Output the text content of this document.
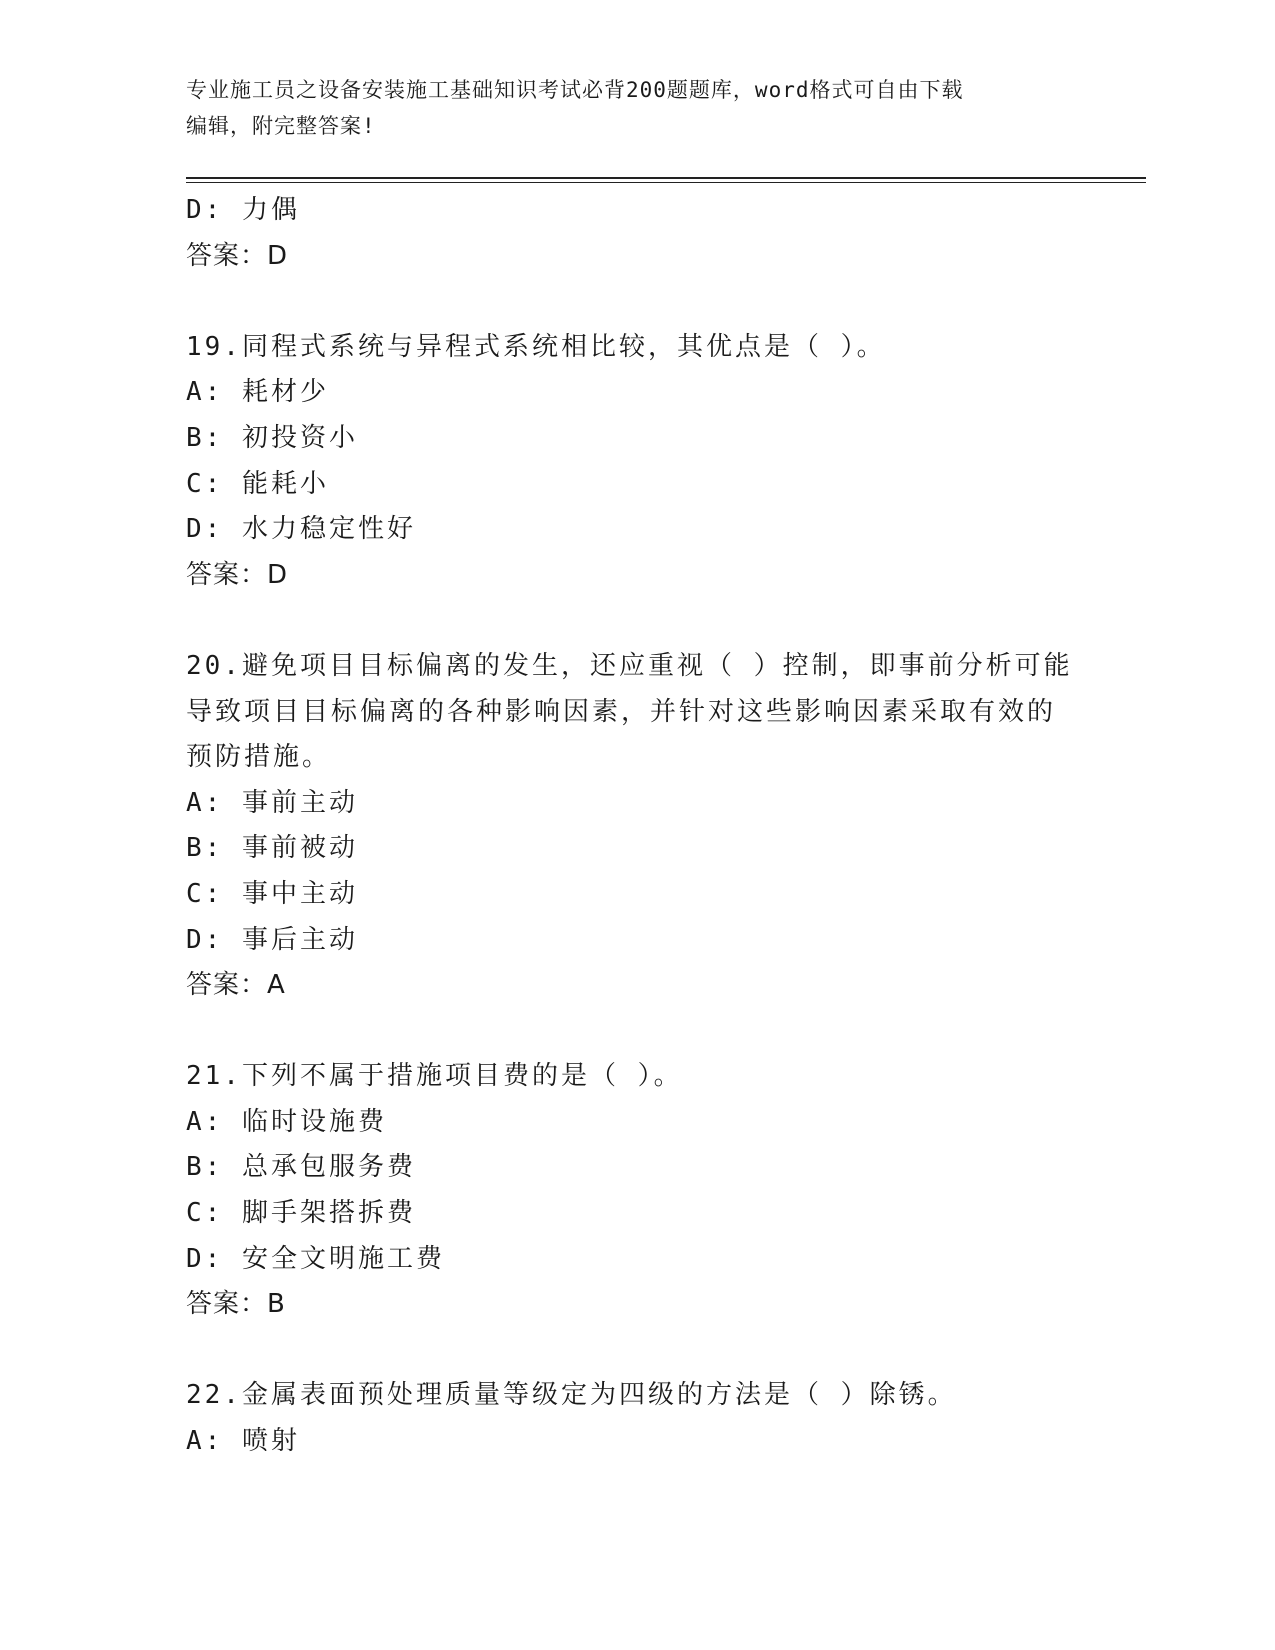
专业施工员之设备安装施工基础知识考试必背200题题库，word格式可自由下载
编辑，附完整答案!
D: 力偶
答案：D
19.同程式系统与异程式系统相比较，其优点是（ ）。
A: 耗材少
B: 初投资小
C: 能耗小
D: 水力稳定性好
答案：D
20.避免项目目标偏离的发生，还应重视（ ）控制，即事前分析可能
导致项目目标偏离的各种影响因素，并针对这些影响因素采取有效的
预防措施。
A: 事前主动
B: 事前被动
C: 事中主动
D: 事后主动
答案：A
21.下列不属于措施项目费的是（ ）。
A: 临时设施费
B: 总承包服务费
C: 脚手架搭拆费
D: 安全文明施工费
答案：B
22.金属表面预处理质量等级定为四级的方法是（ ）除锈。
A: 喷射
